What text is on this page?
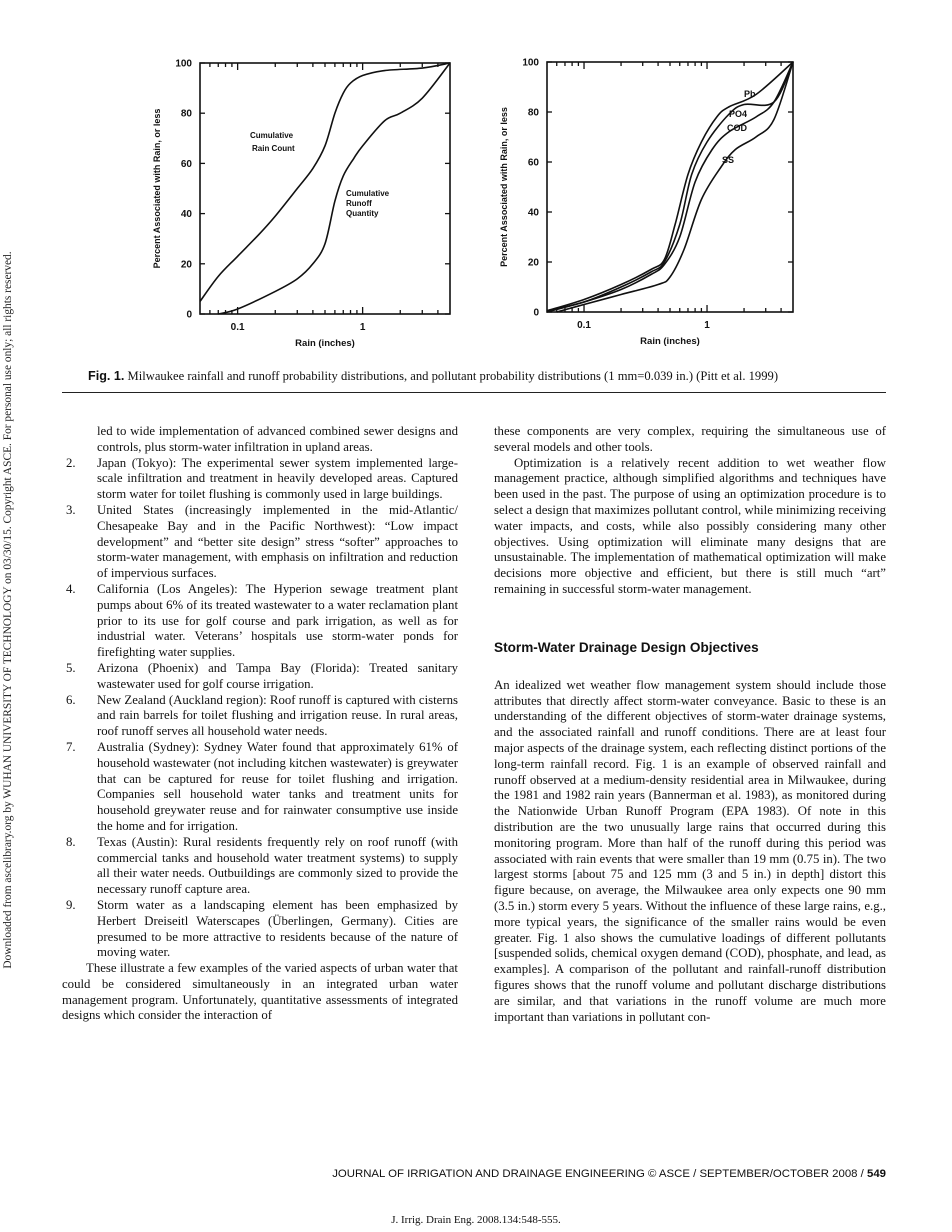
Downloaded from ascelibrary.org by WUHAN UNIVERSITY OF TECHNOLOGY on 03/30/15. Copyright ASCE. For personal use only; all rights reserved.	0
20
40
60
80
100
0.1	1
Rain (inches)
Percent Associated with Rain, or less	Cumulative
Rain Count
Cumulative
Runoff
Quantity
0
20
40
60
80
100
0.1	1
Rain (inches)
Percent Associated with Rain, or less
Pb
PO4
COD
SS
Fig. 1. Milwaukee rainfall and runoff probability distributions, and pollutant probability distributions (1 mm=0.039 in.) (Pitt et al. 1999)

led to wide implementation of advanced combined sewer designs and controls, plus storm-water infiltration in upland areas.

2.	Japan (Tokyo): The experimental sewer system implemented large-scale infiltration and treatment in heavily developed areas. Captured storm water for toilet flushing is commonly used in large buildings.
3.	United States (increasingly implemented in the mid-Atlantic/ Chesapeake Bay and in the Pacific Northwest): “Low impact development” and “better site design” stress “softer” approaches to storm-water management, with emphasis on infiltration and reduction of impervious surfaces.
4.	California (Los Angeles): The Hyperion sewage treatment plant pumps about 6% of its treated wastewater to a water reclamation plant prior to its use for golf course and park irrigation, as well as for industrial water. Veterans’ hospitals use storm-water ponds for firefighting water supplies.
5.	Arizona (Phoenix) and Tampa Bay (Florida): Treated sanitary wastewater used for golf course irrigation.
6.	New Zealand (Auckland region): Roof runoff is captured with cisterns and rain barrels for toilet flushing and irrigation reuse. In rural areas, roof runoff serves all household water needs.
7.	Australia (Sydney): Sydney Water found that approximately 61% of household wastewater (not including kitchen wastewater) is greywater that can be captured for reuse for toilet flushing and irrigation. Companies sell household water tanks and treatment units for household greywater reuse and for rainwater consumptive use inside the home and for irrigation.
8.	Texas (Austin): Rural residents frequently rely on roof runoff (with commercial tanks and household water treatment systems) to supply all their water needs. Outbuildings are commonly sized to provide the necessary runoff capture area.
9.	Storm water as a landscaping element has been emphasized by Herbert Dreiseitl Waterscapes (Überlingen, Germany). Cities are presumed to be more attractive to residents because of the nature of moving water.

These illustrate a few examples of the varied aspects of urban water that could be considered simultaneously in an integrated urban water management program. Unfortunately, quantitative assessments of integrated designs which consider the interaction of

these components are very complex, requiring the simultaneous use of several models and other tools.

Optimization is a relatively recent addition to wet weather flow management practice, although simplified algorithms and techniques have been used in the past. The purpose of using an optimization procedure is to select a design that maximizes pollutant control, while minimizing receiving water impacts, and costs, while also possibly considering many other objectives. Using optimization will eliminate many designs that are unsustainable. The implementation of mathematical optimization will make decisions more objective and efficient, but there is still much “art” remaining in successful storm-water management.

Storm-Water Drainage Design Objectives

An idealized wet weather flow management system should include those attributes that directly affect storm-water conveyance. Basic to these is an understanding of the different objectives of storm-water drainage systems, and the associated rainfall and runoff conditions. There are at least four major aspects of the drainage system, each reflecting distinct portions of the long-term rainfall record. Fig. 1 is an example of observed rainfall and runoff observed at a medium-density residential area in Milwaukee, during the 1981 and 1982 rain years (Bannerman et al. 1983), as monitored during the Nationwide Urban Runoff Program (EPA 1983). Of note in this distribution are the two unusually large rains that occurred during this monitoring program. More than half of the runoff during this period was associated with rain events that were smaller than 19 mm (0.75 in). The two largest storms [about 75 and 125 mm (3 and 5 in.) in depth] distort this figure because, on average, the Milwaukee area only expects one 90 mm (3.5 in.) storm every 5 years. Without the influence of these large rains, e.g., more typical years, the significance of the smaller rains would be even greater. Fig. 1 also shows the cumulative loadings of different pollutants [suspended solids, chemical oxygen demand (COD), phosphate, and lead, as examples]. A comparison of the pollutant and rainfall-runoff distribution figures shows that the runoff volume and pollutant discharge distributions are similar, and that variations in the runoff volume are much more important than variations in pollutant con-

JOURNAL OF IRRIGATION AND DRAINAGE ENGINEERING © ASCE / SEPTEMBER/OCTOBER 2008 / 549
J. Irrig. Drain Eng. 2008.134:548-555.
